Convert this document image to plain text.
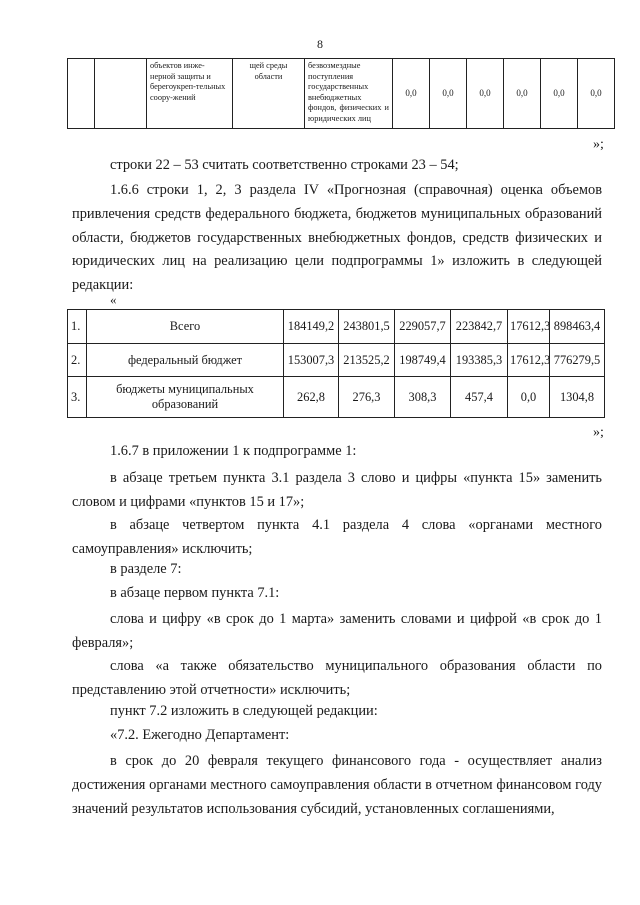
8
		объектов инже-нерной защиты и берегоукреп-тельных соору-жений	щей среды области	безвозмездные поступления государственных внебюджетных фондов, физических и юридических лиц	0,0	0,0	0,0	0,0	0,0	0,0
»;
строки 22 – 53 считать соответственно строками 23 – 54;
1.6.6 строки 1, 2, 3 раздела IV «Прогнозная (справочная) оценка объемов привлечения средств федерального бюджета, бюджетов муниципальных образований области, бюджетов государственных внебюджетных фондов, средств физических и юридических лиц на реализацию цели подпрограммы 1» изложить в следующей редакции:
«
1.	Всего	184149,2	243801,5	229057,7	223842,7	17612,3	898463,4
2.	федеральный бюджет	153007,3	213525,2	198749,4	193385,3	17612,3	776279,5
3.	бюджеты муниципальных образований	262,8	276,3	308,3	457,4	0,0	1304,8
»;
1.6.7 в приложении 1 к подпрограмме 1:
в абзаце третьем пункта 3.1 раздела 3 слово и цифры «пункта 15» заменить словом и цифрами «пунктов 15 и 17»;
в абзаце четвертом пункта 4.1 раздела 4 слова «органами местного самоуправления» исключить;
в разделе 7:
в абзаце первом пункта 7.1:
слова и цифру «в срок до 1 марта» заменить словами и цифрой «в срок до 1 февраля»;
слова «а также обязательство муниципального образования области по представлению этой отчетности» исключить;
пункт 7.2 изложить в следующей редакции:
«7.2. Ежегодно Департамент:
в срок до 20 февраля текущего финансового года - осуществляет анализ достижения органами местного самоуправления области в отчетном финансовом году значений результатов использования субсидий, установленных соглашениями,
